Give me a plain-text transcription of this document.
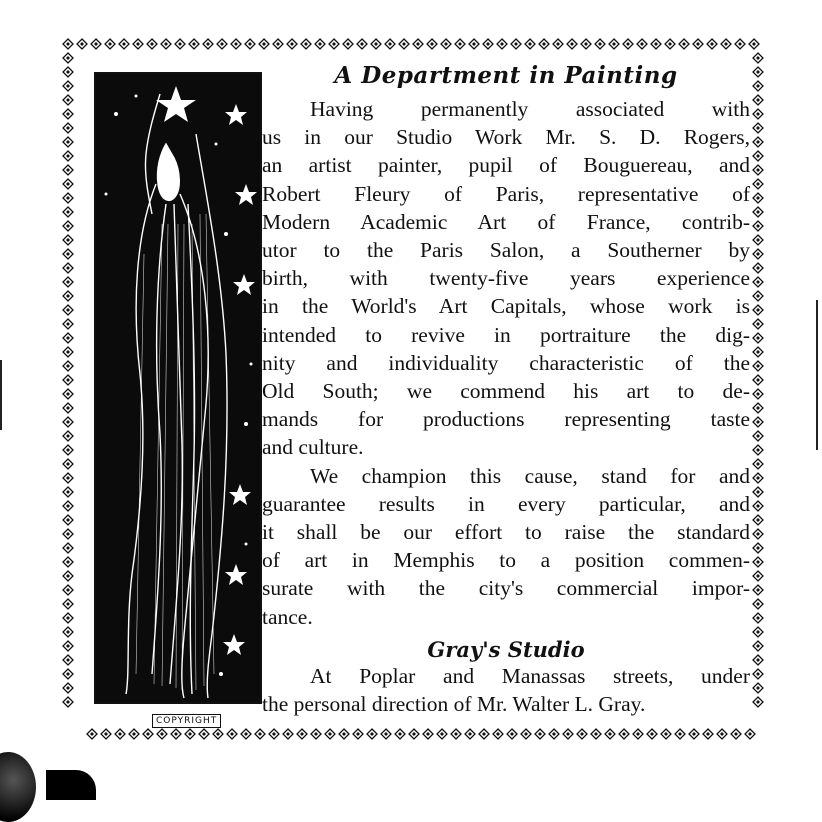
COPYRIGHT
A Department in Painting

Having permanently associated with
us in our Studio Work Mr. S. D. Rogers,
an artist painter, pupil of Bouguereau, and
Robert Fleury of Paris, representative of
Modern Academic Art of France, contrib-
utor to the Paris Salon, a Southerner by
birth, with twenty-five years experience
in the World's Art Capitals, whose work is
intended to revive in portraiture the dig-
nity and individuality characteristic of the
Old South; we commend his art to de-
mands for productions representing taste
and culture.

We champion this cause, stand for and
guarantee results in every particular, and
it shall be our effort to raise the standard
of art in Memphis to a position commen-
surate with the city's commercial impor-
tance.

Gray's Studio

At Poplar and Manassas streets, under
the personal direction of Mr. Walter L. Gray.
